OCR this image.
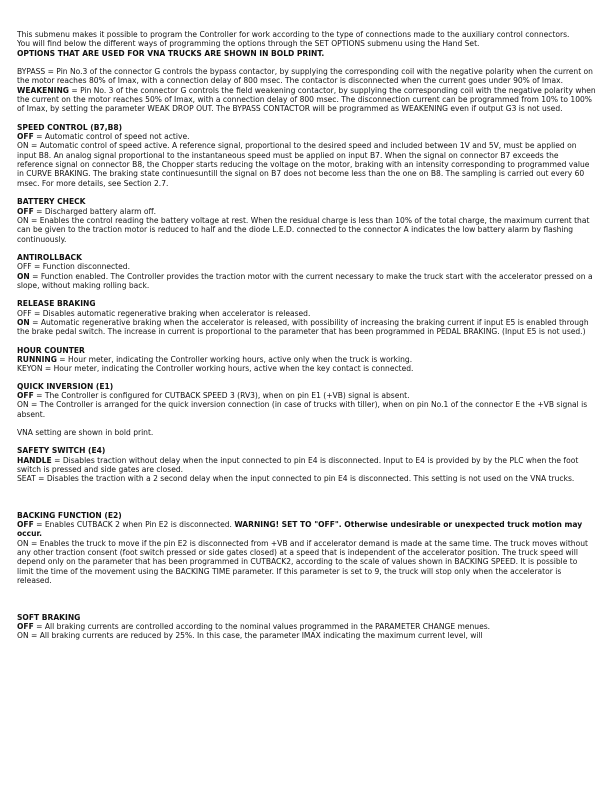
This submenu makes it possible to program the Controller for work according to the type of connections made to the auxiliary control connectors.

You will find below the different ways of programming the options through the SET OPTIONS submenu using the Hand Set.

OPTIONS THAT ARE USED FOR VNA TRUCKS ARE SHOWN IN BOLD PRINT.

BYPASS = Pin No.3 of the connector G controls the bypass contactor, by supplying the corresponding coil with the negative polarity when the current on the motor reaches 80% of Imax, with a connection delay of 800 msec. The contactor is disconnected when the current goes under 90% of Imax.

WEAKENING = Pin No. 3 of the connector G controls the field weakening contactor, by supplying the corresponding coil with the negative polarity when the current on the motor reaches 50% of Imax, with a connection delay of 800 msec. The disconnection current can be programmed from 10% to 100% of Imax, by setting the parameter WEAK DROP OUT. The BYPASS CONTACTOR will be programmed as WEAKENING even if output G3 is not used.

SPEED CONTROL (B7,B8)

OFF = Automatic control of speed not active.

ON = Automatic control of speed active. A reference signal, proportional to the desired speed and included between 1V and 5V, must be applied on input B8. An analog signal proportional to the instantaneous speed must be applied on input B7. When the signal on connector B7 exceeds the reference signal on connector B8, the Chopper starts reducing the voltage on the motor, braking with an intensity corresponding to programmed value in CURVE BRAKING. The braking state continuesuntill the signal on B7 does not become less than the one on B8. The sampling is carried out every 60 msec. For more details, see Section 2.7.

BATTERY CHECK

OFF = Discharged battery alarm off.

ON = Enables the control reading the battery voltage at rest. When the residual charge is less than 10% of the total charge, the maximum current that can be given to the traction motor is reduced to half and the diode L.E.D. connected to the connector A indicates the low battery alarm by flashing continuously.

ANTIROLLBACK

OFF = Function disconnected.

ON = Function enabled. The Controller provides the traction motor with the current necessary to make the truck start with the accelerator pressed on a slope, without making rolling back.

RELEASE BRAKING

OFF = Disables automatic regenerative braking when accelerator is released.

ON = Automatic regenerative braking when the accelerator is released, with possibility of increasing the braking current if input E5 is enabled through the brake pedal switch. The increase in current is proportional to the parameter that has been programmed in PEDAL BRAKING. (Input E5 is not used.)

HOUR COUNTER

RUNNING = Hour meter, indicating the Controller working hours, active only when the truck is working.

KEYON = Hour meter, indicating the Controller working hours, active when the key contact is connected.

QUICK INVERSION (E1)

OFF = The Controller is configured for CUTBACK SPEED 3 (RV3), when on pin E1 (+VB) signal is absent.

ON = The Controller is arranged for the quick inversion connection (in case of trucks with tiller), when on pin No.1 of the connector E the +VB signal is absent.

VNA setting are shown in bold print.

SAFETY SWITCH (E4)

HANDLE = Disables traction without delay when the input connected to pin E4 is disconnected. Input to E4 is provided by by the PLC when the foot switch is pressed and side gates are closed.

SEAT = Disables the traction with a 2 second delay when the input connected to pin E4 is disconnected. This setting is not used on the VNA trucks.

BACKING FUNCTION (E2)

OFF = Enables CUTBACK 2 when Pin E2 is disconnected. WARNING! SET TO "OFF". Otherwise undesirable or unexpected truck motion may occur.

ON = Enables the truck to move if the pin E2 is disconnected from +VB and if accelerator demand is made at the same time. The truck moves without any other traction consent (foot switch pressed or side gates closed) at a speed that is independent of the accelerator position. The truck speed will depend only on the parameter that has been programmed in CUTBACK2, according to the scale of values shown in BACKING SPEED. It is possible to limit the time of the movement using the BACKING TIME parameter. If this parameter is set to 9, the truck will stop only when the accelerator is released.

SOFT BRAKING

OFF = All braking currents are controlled according to the nominal values programmed in the PARAMETER CHANGE menues.

ON = All braking currents are reduced by 25%. In this case, the parameter IMAX indicating the maximum current level, will
